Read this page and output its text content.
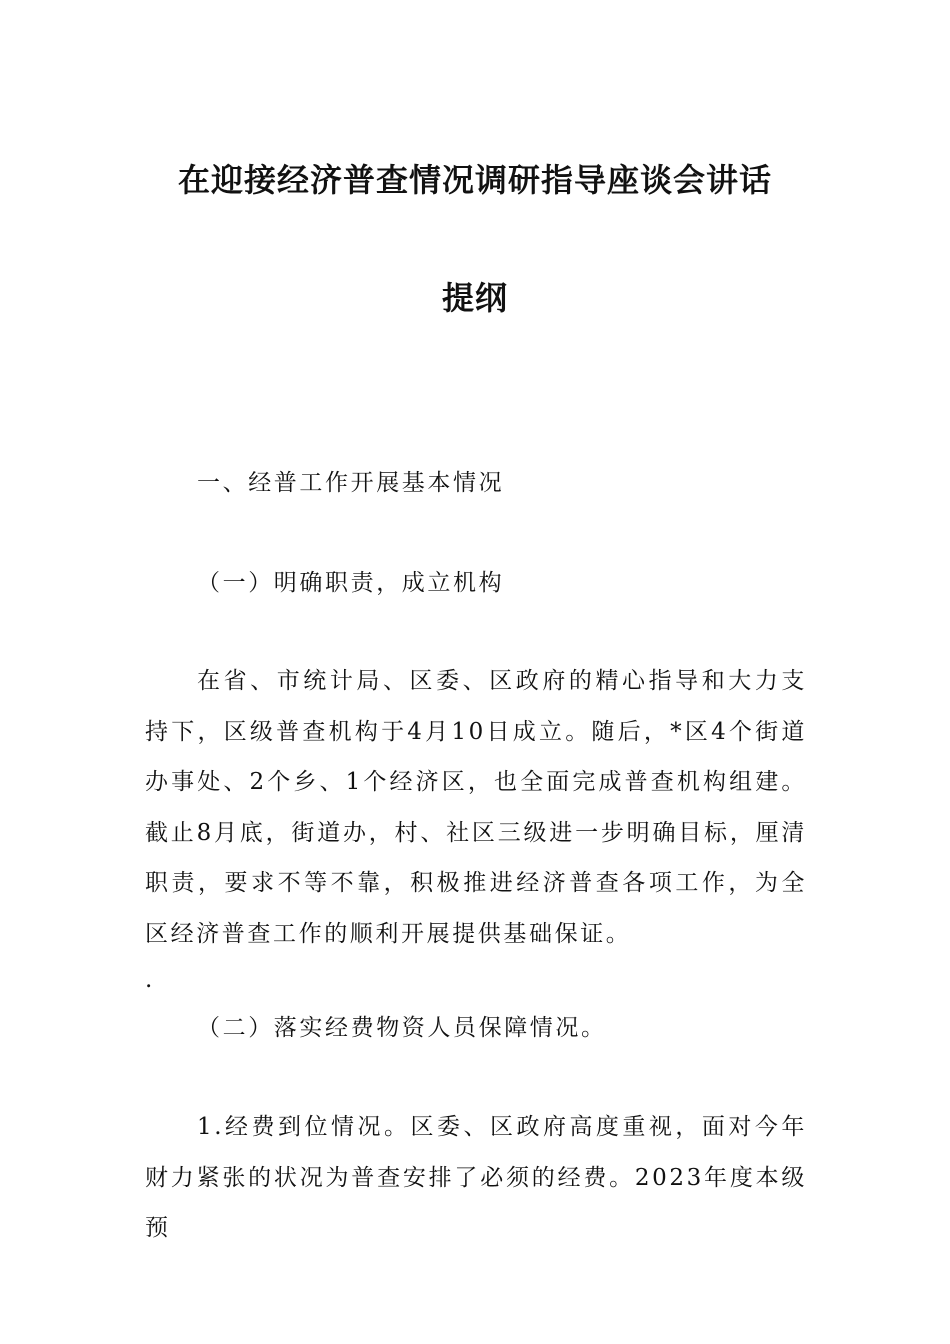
在迎接经济普查情况调研指导座谈会讲话
提纲

一、经普工作开展基本情况

（一）明确职责，成立机构

在省、市统计局、区委、区政府的精心指导和大力支持下，区级普查机构于4月10日成立。随后，*区4个街道办事处、2个乡、1个经济区，也全面完成普查机构组建。截止8月底，街道办，村、社区三级进一步明确目标，厘清职责，要求不等不靠，积极推进经济普查各项工作，为全区经济普查工作的顺利开展提供基础保证。

.

（二）落实经费物资人员保障情况。

1.经费到位情况。区委、区政府高度重视，面对今年财力紧张的状况为普查安排了必须的经费。2023年度本级预
